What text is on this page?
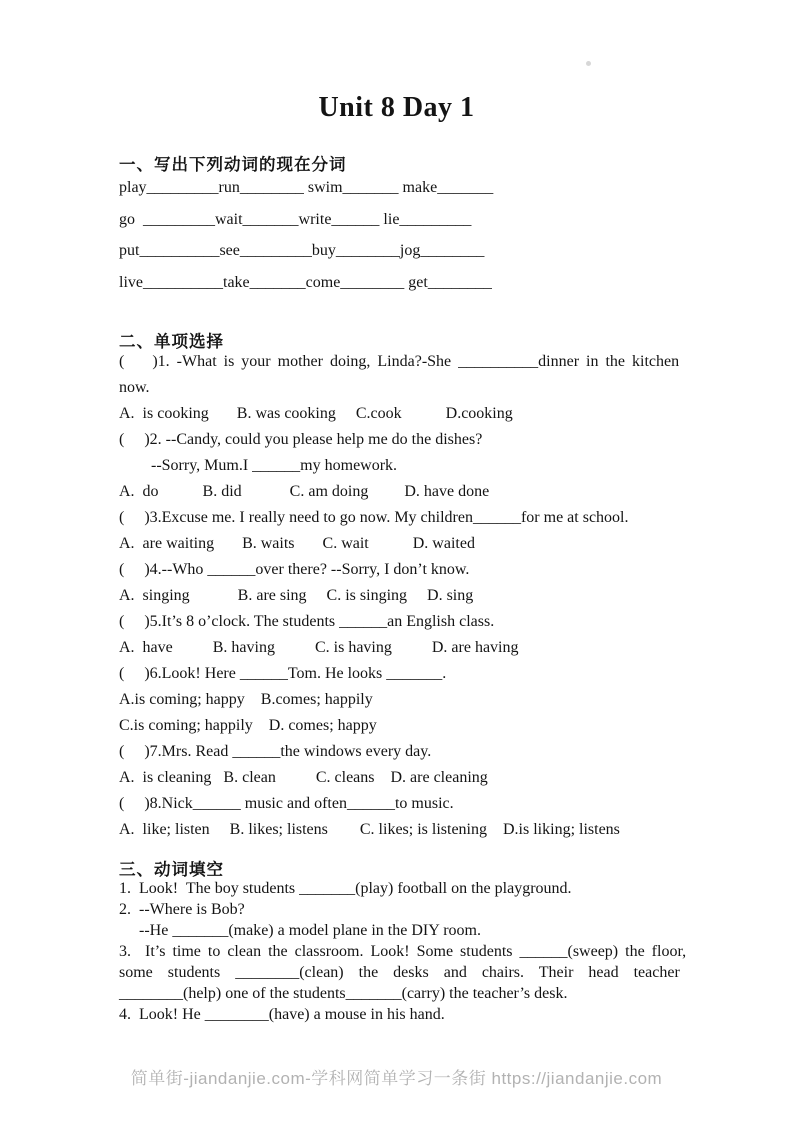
Unit 8 Day 1
一、写出下列动词的现在分词
play_________run________ swim_______ make_______
go  _________wait_______write______ lie_________
put__________see_________buy________jog________
live__________take_______come________ get________
二、单项选择
(    )1. -What is your mother doing, Linda?-She __________dinner in the kitchen
now.
A.  is cooking       B. was cooking     C.cook           D.cooking
(     )2. --Candy, could you please help me do the dishes?
--Sorry, Mum.I ______my homework.
A.  do           B. did            C. am doing         D. have done
(     )3.Excuse me. I really need to go now. My children______for me at school.
A.  are waiting       B. waits       C. wait           D. waited
(     )4.--Who ______over there? --Sorry, I don’t know.
A.  singing            B. are sing     C. is singing     D. sing
(     )5.It’s 8 o’clock. The students ______an English class.
A.  have          B. having          C. is having          D. are having
(     )6.Look! Here ______Tom. He looks _______.
A.is coming; happy    B.comes; happily
C.is coming; happily    D. comes; happy
(     )7.Mrs. Read ______the windows every day.
A.  is cleaning   B. clean          C. cleans    D. are cleaning
(     )8.Nick______ music and often______to music.
A.  like; listen     B. likes; listens        C. likes; is listening    D.is liking; listens
三、动词填空
1.  Look!  The boy students _______(play) football on the playground.
2.  --Where is Bob?
--He _______(make) a model plane in the DIY room.
3.  It’s time to clean the classroom. Look! Some students ______(sweep) the floor,
some students ________(clean) the desks and chairs. Their head teacher
________(help) one of the students_______(carry) the teacher’s desk.
4.  Look! He ________(have) a mouse in his hand.
简单街-jiandanjie.com-学科网简单学习一条街 https://jiandanjie.com
